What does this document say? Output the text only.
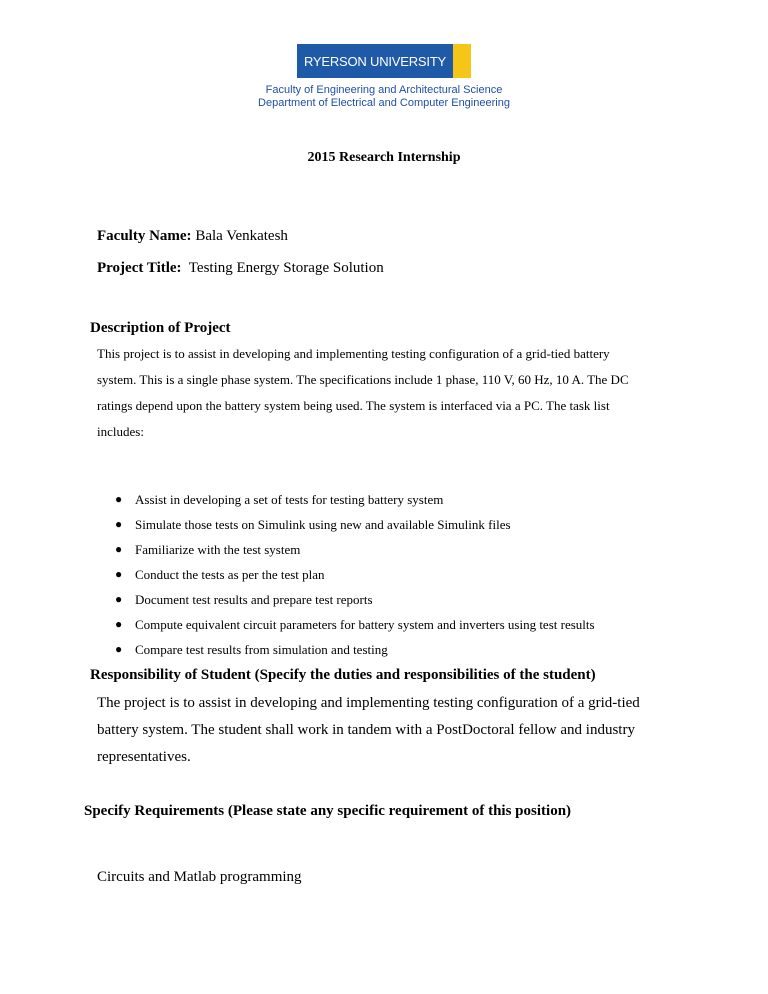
RYERSON UNIVERSITY
Faculty of Engineering and Architectural Science
Department of Electrical and Computer Engineering
2015 Research Internship
Faculty Name: Bala Venkatesh
Project Title: Testing Energy Storage Solution
Description of Project
This project is to assist in developing and implementing testing configuration of a grid-tied battery
system. This is a single phase system. The specifications include 1 phase, 110 V, 60 Hz, 10 A. The DC
ratings depend upon the battery system being used. The system is interfaced via a PC. The task list
includes:
● Assist in developing a set of tests for testing battery system
● Simulate those tests on Simulink using new and available Simulink files
● Familiarize with the test system
● Conduct the tests as per the test plan
● Document test results and prepare test reports
● Compute equivalent circuit parameters for battery system and inverters using test results
● Compare test results from simulation and testing
Responsibility of Student (Specify the duties and responsibilities of the student)
The project is to assist in developing and implementing testing configuration of a grid-tied
battery system. The student shall work in tandem with a PostDoctoral fellow and industry
representatives.
Specify Requirements (Please state any specific requirement of this position)
Circuits and Matlab programming
